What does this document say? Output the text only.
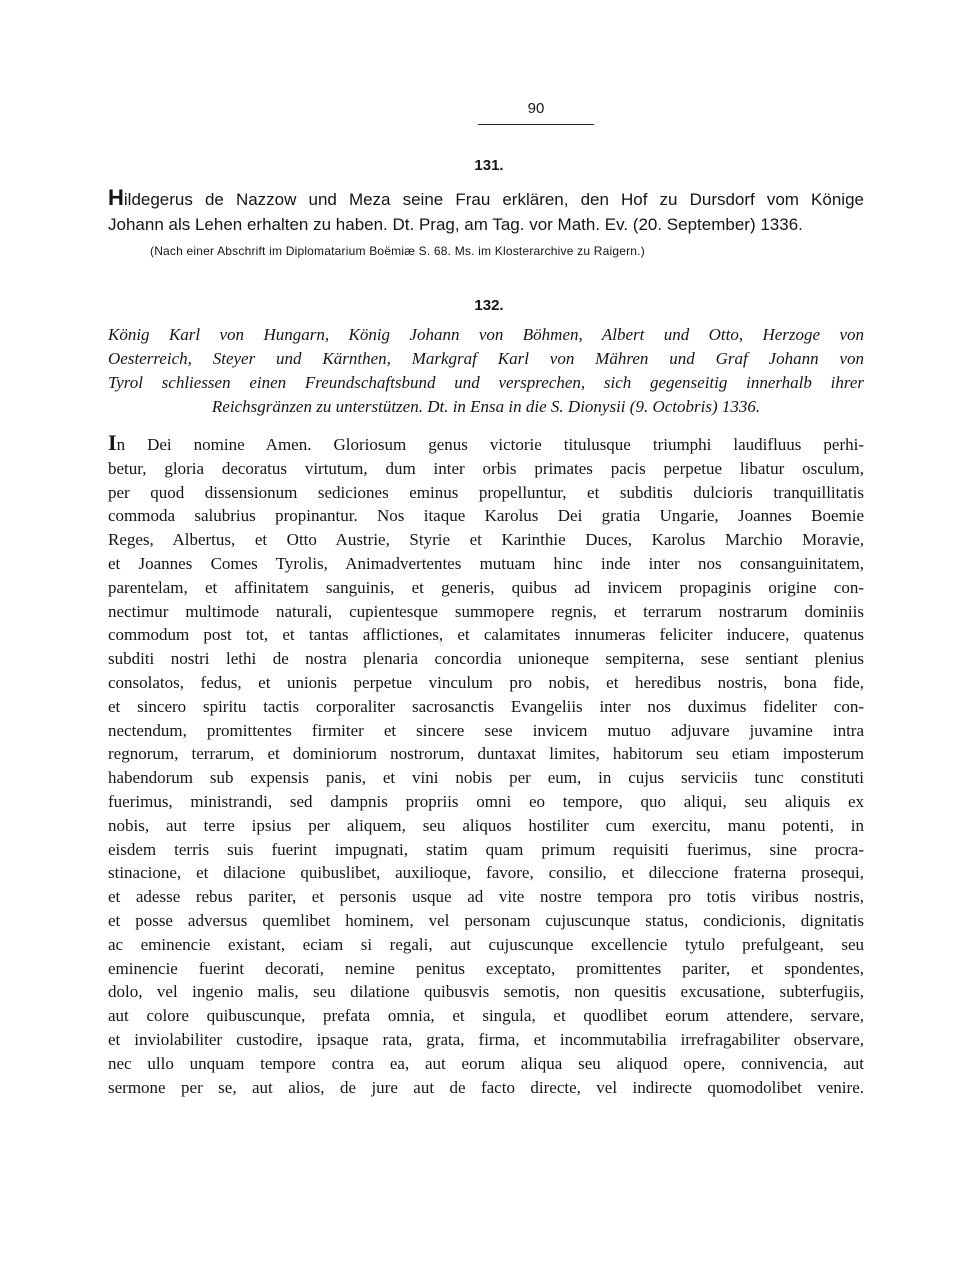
90
131.
Hildegerus de Nazzow und Meza seine Frau erklären, den Hof zu Dursdorf vom Könige
Johann als Lehen erhalten zu haben. Dt. Prag, am Tag. vor Math. Ev. (20. September) 1336.
(Nach einer Abschrift im Diplomatarium Boëmiæ S. 68. Ms. im Klosterarchive zu Raigern.)
132.
König Karl von Hungarn, König Johann von Böhmen, Albert und Otto, Herzoge von
Oesterreich, Steyer und Kärnthen, Markgraf Karl von Mähren und Graf Johann von
Tyrol schliessen einen Freundschaftsbund und versprechen, sich gegenseitig innerhalb ihrer
Reichsgränzen zu unterstützen. Dt. in Ensa in die S. Dionysii (9. Octobris) 1336.
In Dei nomine Amen. Gloriosum genus victorie titulusque triumphi laudifluus perhi-
betur, gloria decoratus virtutum, dum inter orbis primates pacis perpetue libatur osculum,
per quod dissensionum sediciones eminus propelluntur, et subditis dulcioris tranquillitatis
commoda salubrius propinantur. Nos itaque Karolus Dei gratia Ungarie, Joannes Boemie
Reges, Albertus, et Otto Austrie, Styrie et Karinthie Duces, Karolus Marchio Moravie,
et Joannes Comes Tyrolis, Animadvertentes mutuam hinc inde inter nos consanguinitatem,
parentelam, et affinitatem sanguinis, et generis, quibus ad invicem propaginis origine con-
nectimur multimode naturali, cupientesque summopere regnis, et terrarum nostrarum dominiis
commodum post tot, et tantas afflictiones, et calamitates innumeras feliciter inducere, quatenus
subditi nostri lethi de nostra plenaria concordia unioneque sempiterna, sese sentiant plenius
consolatos, fedus, et unionis perpetue vinculum pro nobis, et heredibus nostris, bona fide,
et sincero spiritu tactis corporaliter sacrosanctis Evangeliis inter nos duximus fideliter con-
nectendum, promittentes firmiter et sincere sese invicem mutuo adjuvare juvamine intra
regnorum, terrarum, et dominiorum nostrorum, duntaxat limites, habitorum seu etiam imposterum
habendorum sub expensis panis, et vini nobis per eum, in cujus serviciis tunc constituti
fuerimus, ministrandi, sed dampnis propriis omni eo tempore, quo aliqui, seu aliquis ex
nobis, aut terre ipsius per aliquem, seu aliquos hostiliter cum exercitu, manu potenti, in
eisdem terris suis fuerint impugnati, statim quam primum requisiti fuerimus, sine procra-
stinacione, et dilacione quibuslibet, auxilioque, favore, consilio, et dileccione fraterna prosequi,
et adesse rebus pariter, et personis usque ad vite nostre tempora pro totis viribus nostris,
et posse adversus quemlibet hominem, vel personam cujuscunque status, condicionis, dignitatis
ac eminencie existant, eciam si regali, aut cujuscunque excellencie tytulo prefulgeant, seu
eminencie fuerint decorati, nemine penitus exceptato, promittentes pariter, et spondentes,
dolo, vel ingenio malis, seu dilatione quibusvis semotis, non quesitis excusatione, subterfugiis,
aut colore quibuscunque, prefata omnia, et singula, et quodlibet eorum attendere, servare,
et inviolabiliter custodire, ipsaque rata, grata, firma, et incommutabilia irrefragabiliter observare,
nec ullo unquam tempore contra ea, aut eorum aliqua seu aliquod opere, connivencia, aut
sermone per se, aut alios, de jure aut de facto directe, vel indirecte quomodolibet venire.
